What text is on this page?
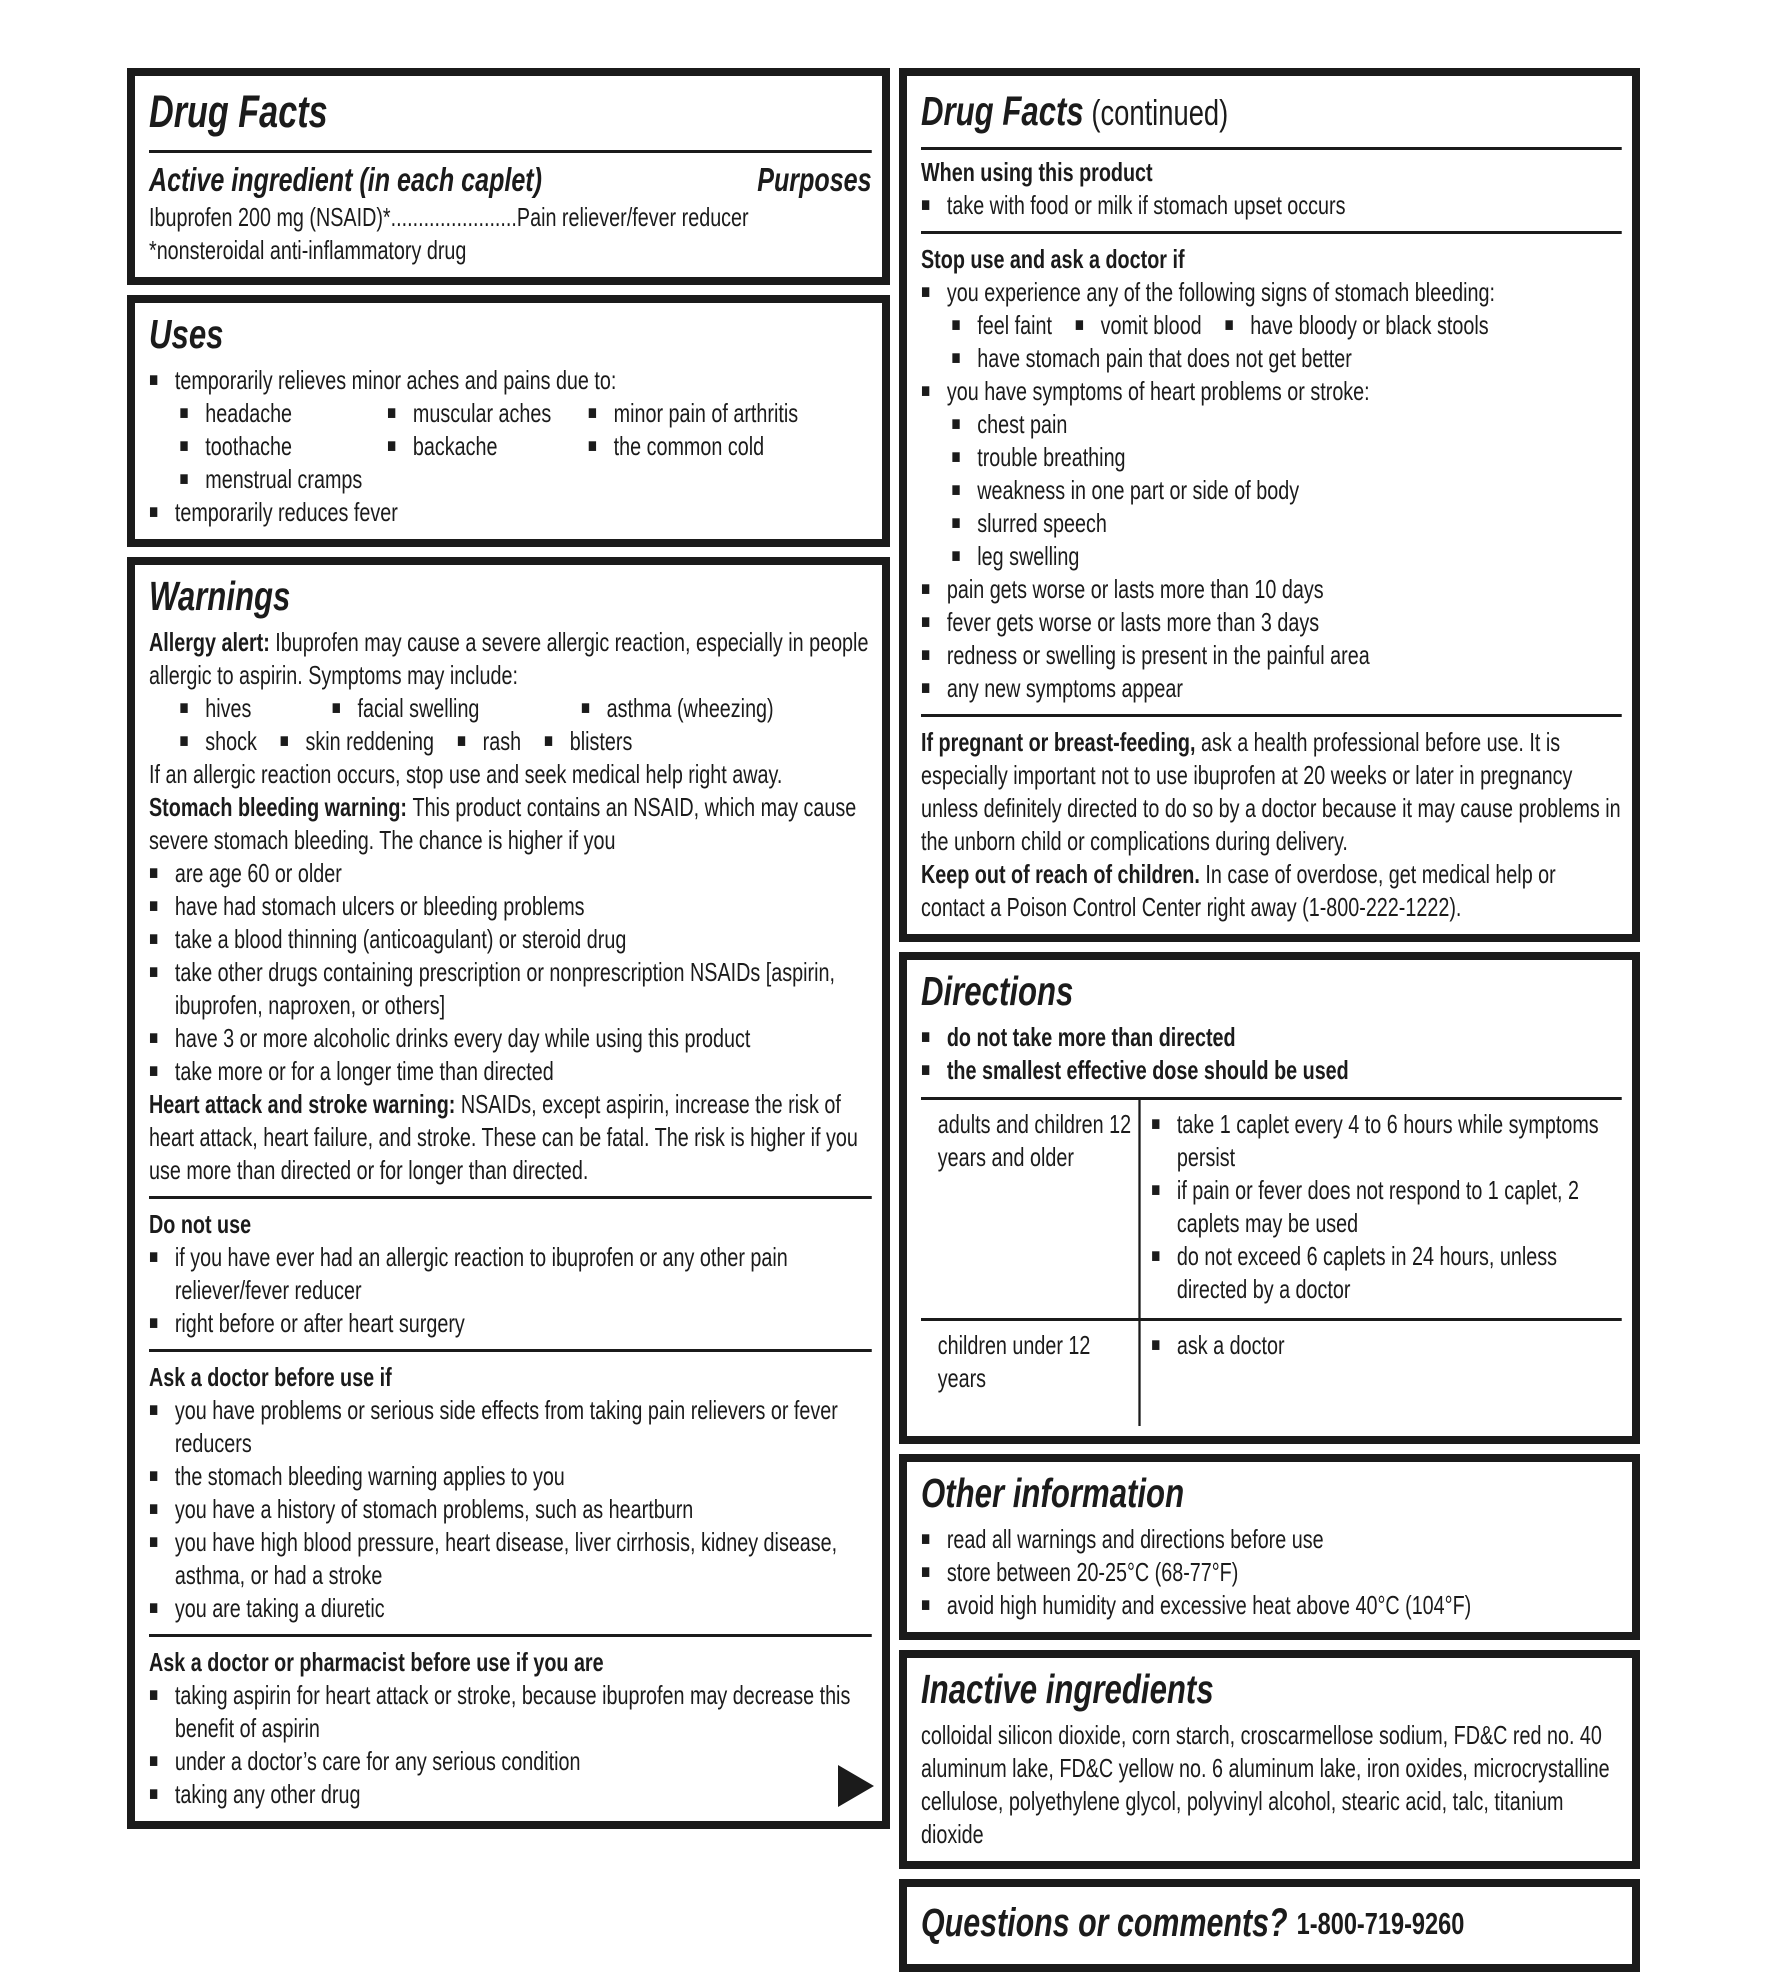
Drug Facts
Active ingredient (in each caplet)	Purposes
Ibuprofen 200 mg (NSAID)*.......................Pain reliever/fever reducer
*nonsteroidal anti-inflammatory drug
Uses
■ temporarily relieves minor aches and pains due to:
■ headache	■ muscular aches ■ minor pain of arthritis
■ toothache	■ backache	■ the common cold
■ menstrual cramps
■ temporarily reduces fever
Warnings
Allergy alert: Ibuprofen may cause a severe allergic reaction, especially in people allergic to aspirin. Symptoms may include:
■ hives	■ facial swelling	■ asthma (wheezing)
■ shock ■ skin reddening ■ rash ■ blisters
If an allergic reaction occurs, stop use and seek medical help right away.
Stomach bleeding warning: This product contains an NSAID, which may cause severe stomach bleeding. The chance is higher if you
■ are age 60 or older
■ have had stomach ulcers or bleeding problems
■ take a blood thinning (anticoagulant) or steroid drug
■ take other drugs containing prescription or nonprescription NSAIDs [aspirin, ibuprofen, naproxen, or others]
■ have 3 or more alcoholic drinks every day while using this product
■ take more or for a longer time than directed
Heart attack and stroke warning: NSAIDs, except aspirin, increase the risk of heart attack, heart failure, and stroke. These can be fatal. The risk is higher if you use more than directed or for longer than directed.
Do not use
■ if you have ever had an allergic reaction to ibuprofen or any other pain reliever/fever reducer
■ right before or after heart surgery
Ask a doctor before use if
■ you have problems or serious side effects from taking pain relievers or fever reducers
■ the stomach bleeding warning applies to you
■ you have a history of stomach problems, such as heartburn
■ you have high blood pressure, heart disease, liver cirrhosis, kidney disease, asthma, or had a stroke
■ you are taking a diuretic
Ask a doctor or pharmacist before use if you are
■ taking aspirin for heart attack or stroke, because ibuprofen may decrease this benefit of aspirin
■ under a doctor’s care for any serious condition
■ taking any other drug
Drug Facts (continued)
When using this product
■ take with food or milk if stomach upset occurs
Stop use and ask a doctor if
■ you experience any of the following signs of stomach bleeding:
■ feel faint ■ vomit blood ■ have bloody or black stools
■ have stomach pain that does not get better
■ you have symptoms of heart problems or stroke:
■ chest pain
■ trouble breathing
■ weakness in one part or side of body
■ slurred speech
■ leg swelling
■ pain gets worse or lasts more than 10 days
■ fever gets worse or lasts more than 3 days
■ redness or swelling is present in the painful area
■ any new symptoms appear
If pregnant or breast-feeding, ask a health professional before use. It is especially important not to use ibuprofen at 20 weeks or later in pregnancy unless definitely directed to do so by a doctor because it may cause problems in the unborn child or complications during delivery.
Keep out of reach of children. In case of overdose, get medical help or contact a Poison Control Center right away (1-800-222-1222).
Directions
■ do not take more than directed
■ the smallest effective dose should be used
adults and children 12 years and older
■ take 1 caplet every 4 to 6 hours while symptoms persist
■ if pain or fever does not respond to 1 caplet, 2 caplets may be used
■ do not exceed 6 caplets in 24 hours, unless directed by a doctor
children under 12 years
■ ask a doctor
Other information
■ read all warnings and directions before use
■ store between 20-25°C (68-77°F)
■ avoid high humidity and excessive heat above 40°C (104°F)
Inactive ingredients
colloidal silicon dioxide, corn starch, croscarmellose sodium, FD&C red no. 40 aluminum lake, FD&C yellow no. 6 aluminum lake, iron oxides, microcrystalline cellulose, polyethylene glycol, polyvinyl alcohol, stearic acid, talc, titanium dioxide
Questions or comments? 1-800-719-9260
